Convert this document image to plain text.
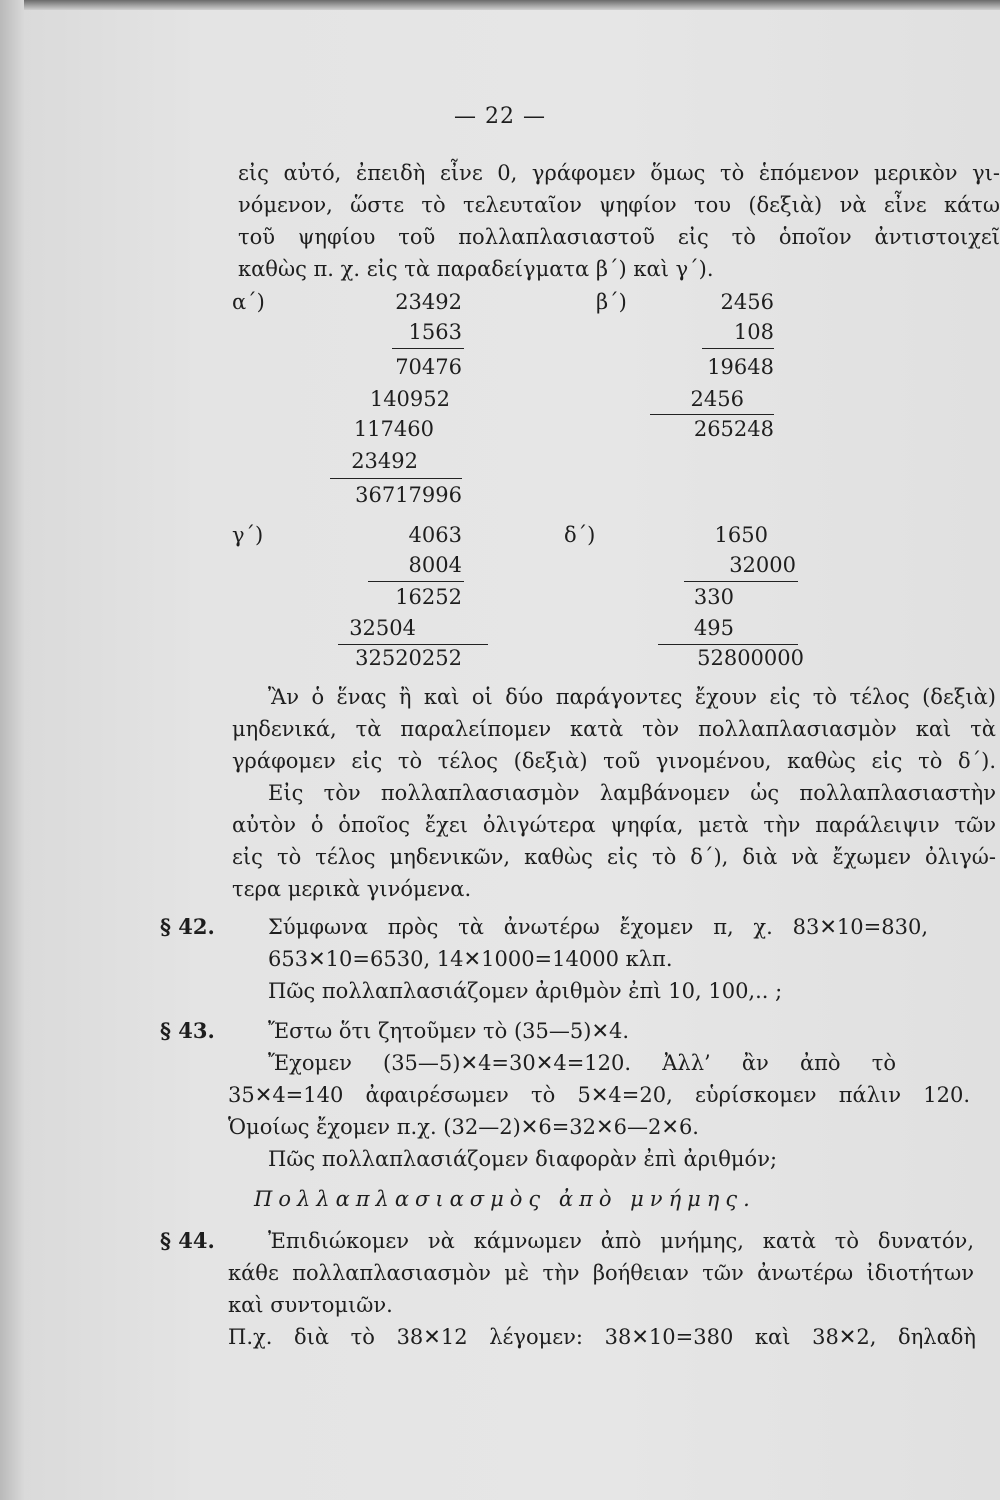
— 22 —
εἰς αὐτό, ἐπειδὴ εἶνε 0, γράφομεν ὅμως τὸ ἑπόμενον μερικὸν γι-
νόμενον, ὥστε τὸ τελευταῖον ψηφίον του (δεξιὰ) νὰ εἶνε κάτω
τοῦ ψηφίου τοῦ πολλαπλασιαστοῦ εἰς τὸ ὁποῖον ἀντιστοιχεῖ
καθὼς π. χ. εἰς τὰ παραδείγματα β΄) καὶ γ΄).
α΄)	23492
1563
70476
140952
117460
23492
36717996
β΄)	2456
108
19648
2456
265248
γ΄)	4063
8004
16252
32504
32520252
δ΄)	1650
32000
330
495
52800000
Ἂν ὁ ἕνας ἢ καὶ οἱ δύο παράγοντες ἔχουν εἰς τὸ τέλος (δεξιὰ)
μηδενικά, τὰ παραλείπομεν κατὰ τὸν πολλαπλασιασμὸν καὶ τὰ
γράφομεν εἰς τὸ τέλος (δεξιὰ) τοῦ γινομένου, καθὼς εἰς τὸ δ΄).
Εἰς τὸν πολλαπλασιασμὸν λαμβάνομεν ὡς πολλαπλασιαστὴν
αὐτὸν ὁ ὁποῖος ἔχει ὀλιγώτερα ψηφία, μετὰ τὴν παράλειψιν τῶν
εἰς τὸ τέλος μηδενικῶν, καθὼς εἰς τὸ δ΄), διὰ νὰ ἔχωμεν ὀλιγώ-
τερα μερικὰ γινόμενα.
§ 42.	Σύμφωνα πρὸς τὰ ἀνωτέρω ἔχομεν π, χ. 83✕10=830,
653✕10=6530, 14✕1000=14000 κλπ.
Πῶς πολλαπλασιάζομεν ἀριθμὸν ἐπὶ 10, 100,.. ;
§ 43.	Ἔστω ὅτι ζητοῦμεν τὸ (35—5)✕4.
Ἔχομεν (35—5)✕4=30✕4=120. Ἀλλ’ ἂν ἀπὸ τὸ
35✕4=140 ἀφαιρέσωμεν τὸ 5✕4=20, εὑρίσκομεν πάλιν 120.
Ὁμοίως ἔχομεν π.χ. (32—2)✕6=32✕6—2✕6.
Πῶς πολλαπλασιάζομεν διαφορὰν ἐπὶ ἀριθμόν;
Πολλαπλασιασμὸς ἀπὸ μνήμης.
§ 44.	Ἐπιδιώκομεν νὰ κάμνωμεν ἀπὸ μνήμης, κατὰ τὸ δυνατόν,
κάθε πολλαπλασιασμὸν μὲ τὴν βοήθειαν τῶν ἀνωτέρω ἰδιοτήτων
καὶ συντομιῶν.
Π.χ. διὰ τὸ 38✕12 λέγομεν: 38✕10=380 καὶ 38✕2, δηλαδὴ
